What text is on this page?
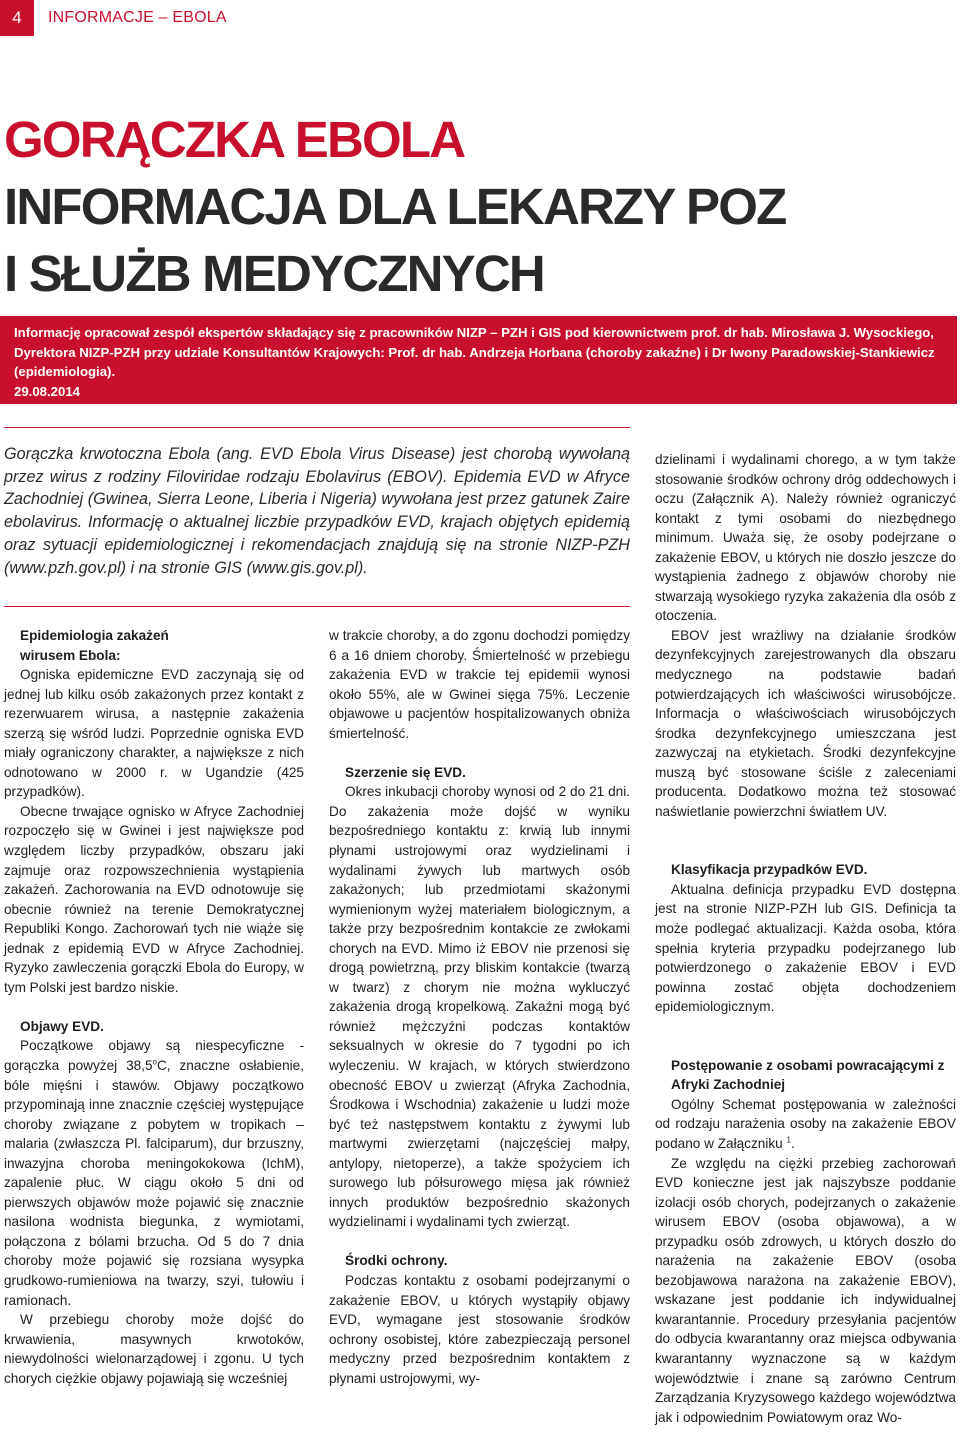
4	INFORMACJE – EBOLA
GORĄCZKA EBOLA
INFORMACJA DLA LEKARZY POZ
I SŁUŻB MEDYCZNYCH

Informację opracował zespół ekspertów składający się z pracowników NIZP – PZH i GIS pod kierownictwem prof. dr hab. Mirosława J. Wysockiego, Dyrektora NIZP-PZH przy udziale Konsultantów Krajowych: Prof. dr hab. Andrzeja Horbana (choroby zakaźne) i Dr Iwony Paradowskiej-Stankiewicz (epidemiologia).

29.08.2014

Gorączka krwotoczna Ebola (ang. EVD Ebola Virus Disease) jest chorobą wywołaną przez wirus z rodziny Filoviridae rodzaju Ebolavirus (EBOV). Epidemia EVD w Afryce Zachodniej (Gwinea, Sierra Leone, Liberia i Nigeria) wywołana jest przez gatunek Zaire ebolavirus. Informację o aktualnej liczbie przypadków EVD, krajach objętych epidemią oraz sytuacji epidemiologicznej i rekomendacjach znajdują się na stronie NIZP-PZH (www.pzh.gov.pl) i na stronie GIS (www.gis.gov.pl).

Epidemiologia zakażeń wirusem Ebola:

Ogniska epidemiczne EVD zaczynają się od jednej lub kilku osób zakażonych przez kontakt z rezerwuarem wirusa, a następnie zakażenia szerzą się wśród ludzi. Poprzednie ogniska EVD miały ograniczony charakter, a największe z nich odnotowano w 2000 r. w Ugandzie (425 przypadków).

Obecne trwające ognisko w Afryce Zachodniej rozpoczęło się w Gwinei i jest największe pod względem liczby przypadków, obszaru jaki zajmuje oraz rozpowszechnienia wystąpienia zakażeń. Zachorowania na EVD odnotowuje się obecnie również na terenie Demokratycznej Republiki Kongo. Zachorowań tych nie wiąże się jednak z epidemią EVD w Afryce Zachodniej. Ryzyko zawleczenia gorączki Ebola do Europy, w tym Polski jest bardzo niskie.

Objawy EVD.

Początkowe objawy są niespecyficzne - gorączka powyżej 38,5$^o$C, znaczne osłabienie, bóle mięśni i stawów. Objawy początkowo przypominają inne znacznie częściej występujące choroby związane z pobytem w tropikach – malaria (zwłaszcza Pl. falciparum), dur brzuszny, inwazyjna choroba meningokokowa (IchM), zapalenie płuc. W ciągu około 5 dni od pierwszych objawów może pojawić się znacznie nasilona wodnista biegunka, z wymiotami, połączona z bólami brzucha. Od 5 do 7 dnia choroby może pojawić się rozsiana wysypka grudkowo-rumieniowa na twarzy, szyi, tułowiu i ramionach.

W przebiegu choroby może dojść do krwawienia, masywnych krwotoków, niewydolności wielonarządowej i zgonu. U tych chorych ciężkie objawy pojawiają się wcześniej

w trakcie choroby, a do zgonu dochodzi pomiędzy 6 a 16 dniem choroby. Śmiertelność w przebiegu zakażenia EVD w trakcie tej epidemii wynosi około 55%, ale w Gwinei sięga 75%. Leczenie objawowe u pacjentów hospitalizowanych obniża śmiertelność.

Szerzenie się EVD.

Okres inkubacji choroby wynosi od 2 do 21 dni. Do zakażenia może dojść w wyniku bezpośredniego kontaktu z: krwią lub innymi płynami ustrojowymi oraz wydzielinami i wydalinami żywych lub martwych osób zakażonych; lub przedmiotami skażonymi wymienionym wyżej materiałem biologicznym, a także przy bezpośrednim kontakcie ze zwłokami chorych na EVD. Mimo iż EBOV nie przenosi się drogą powietrzną, przy bliskim kontakcie (twarzą w twarz) z chorym nie można wykluczyć zakażenia drogą kropelkową. Zakaźni mogą być również mężczyźni podczas kontaktów seksualnych w okresie do 7 tygodni po ich wyleczeniu. W krajach, w których stwierdzono obecność EBOV u zwierząt (Afryka Zachodnia, Środkowa i Wschodnia) zakażenie u ludzi może być też następstwem kontaktu z żywymi lub martwymi zwierzętami (najczęściej małpy, antylopy, nietoperze), a także spożyciem ich surowego lub półsurowego mięsa jak również innych produktów bezpośrednio skażonych wydzielinami i wydalinami tych zwierząt.

Środki ochrony.

Podczas kontaktu z osobami podejrzanymi o zakażenie EBOV, u których wystąpiły objawy EVD, wymagane jest stosowanie środków ochrony osobistej, które zabezpieczają personel medyczny przed bezpośrednim kontaktem z płynami ustrojowymi, wy-

dzielinami i wydalinami chorego, a w tym także stosowanie środków ochrony dróg oddechowych i oczu (Załącznik A). Należy również ograniczyć kontakt z tymi osobami do niezbędnego minimum. Uważa się, że osoby podejrzane o zakażenie EBOV, u których nie doszło jeszcze do wystąpienia żadnego z objawów choroby nie stwarzają wysokiego ryzyka zakażenia dla osób z otoczenia.

EBOV jest wrażliwy na działanie środków dezynfekcyjnych zarejestrowanych dla obszaru medycznego na podstawie badań potwierdzających ich właściwości wirusobójcze. Informacja o właściwościach wirusobójczych środka dezynfekcyjnego umieszczana jest zazwyczaj na etykietach. Środki dezynfekcyjne muszą być stosowane ściśle z zaleceniami producenta. Dodatkowo można też stosować naświetlanie powierzchni światłem UV.

Klasyfikacja przypadków EVD.

Aktualna definicja przypadku EVD dostępna jest na stronie NIZP-PZH lub GIS. Definicja ta może podlegać aktualizacji. Każda osoba, która spełnia kryteria przypadku podejrzanego lub potwierdzonego o zakażenie EBOV i EVD powinna zostać objęta dochodzeniem epidemiologicznym.

Postępowanie z osobami powracającymi z Afryki Zachodniej

Ogólny Schemat postępowania w zależności od rodzaju narażenia osoby na zakażenie EBOV podano w Załączniku $^1$.

Ze względu na ciężki przebieg zachorowań EVD konieczne jest jak najszybsze poddanie izolacji osób chorych, podejrzanych o zakażenie wirusem EBOV (osoba objawowa), a w przypadku osób zdrowych, u których doszło do narażenia na zakażenie EBOV (osoba bezobjawowa narażona na zakażenie EBOV), wskazane jest poddanie ich indywidualnej kwarantannie. Procedury przesyłania pacjentów do odbycia kwarantanny oraz miejsca odbywania kwarantanny wyznaczone są w każdym województwie i znane są zarówno Centrum Zarządzania Kryzysowego każdego województwa jak i odpowiednim Powiatowym oraz Wo-
